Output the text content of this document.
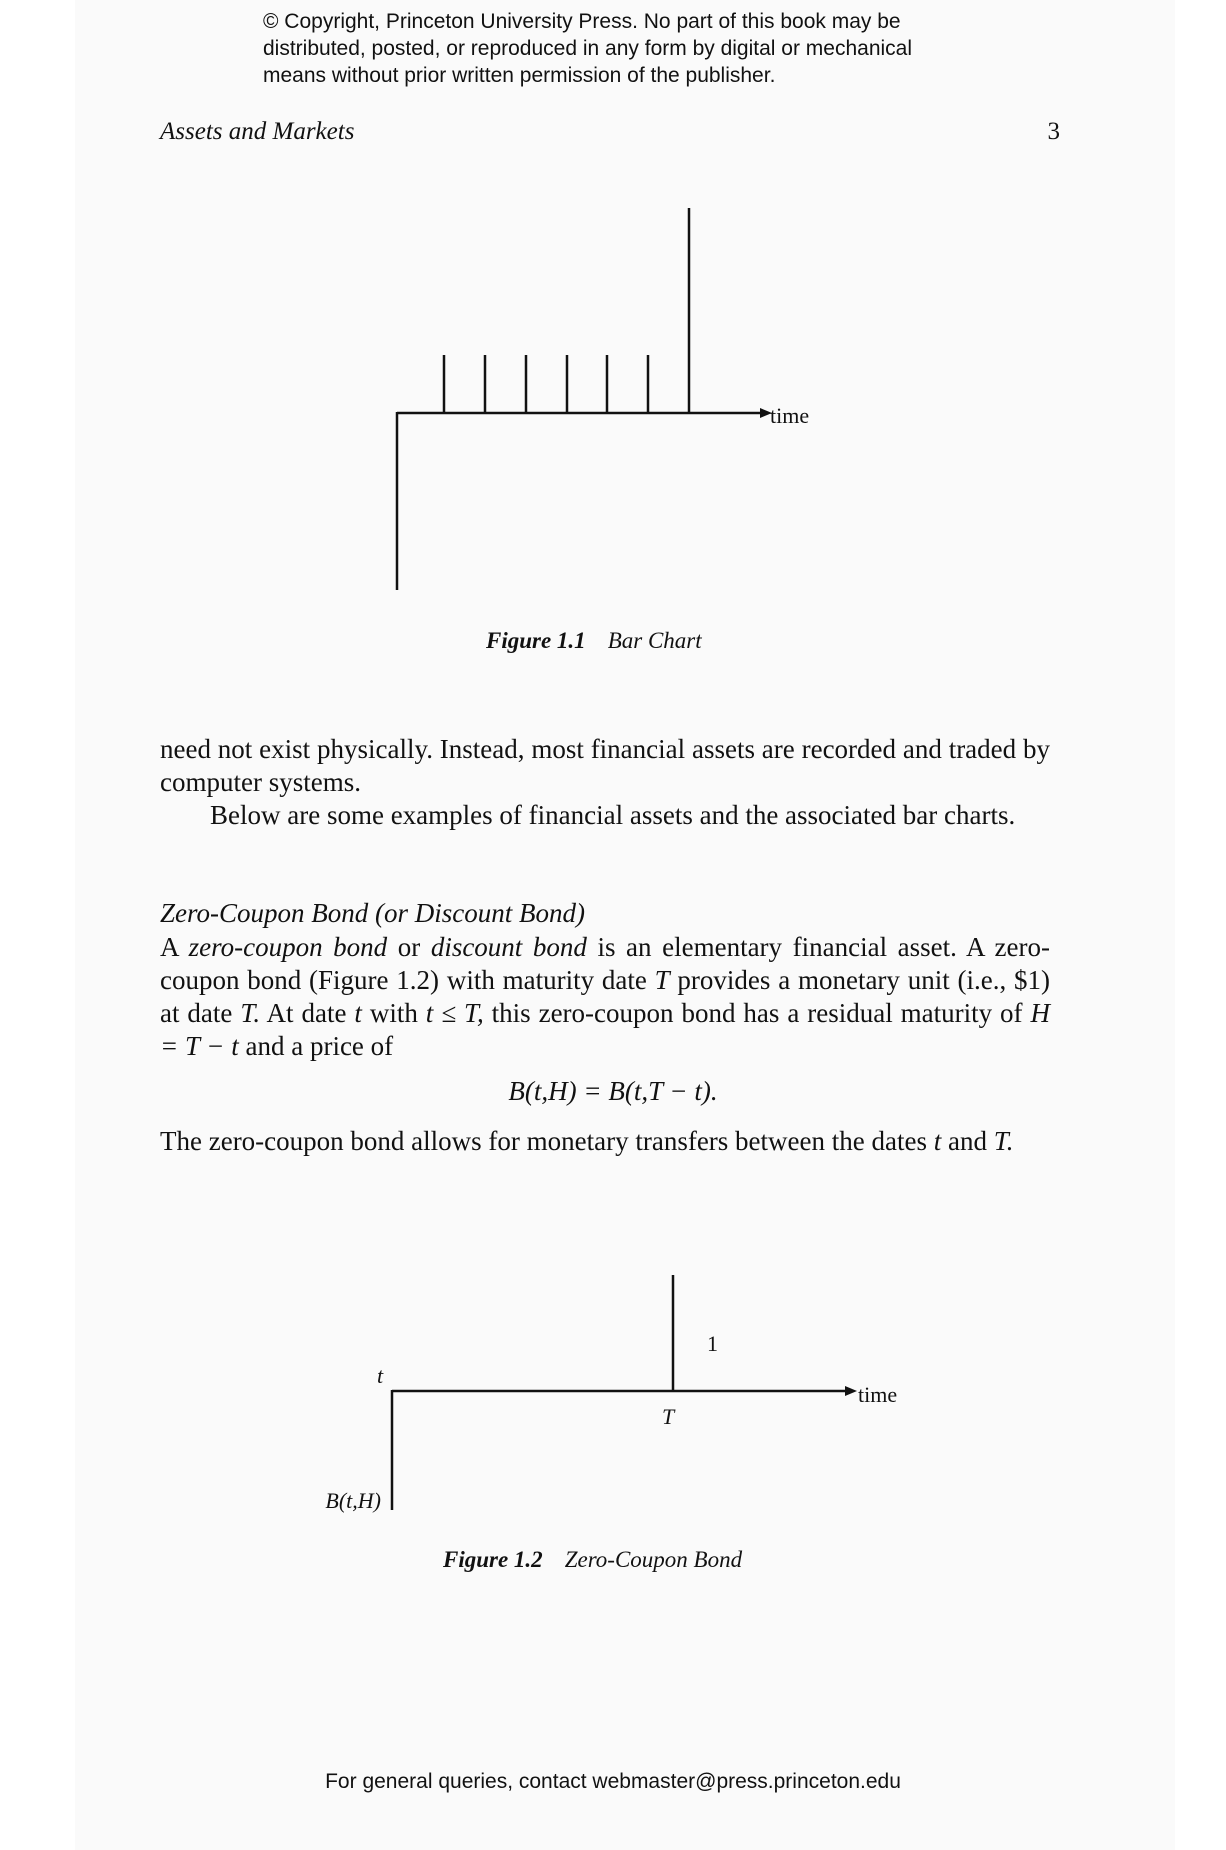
© Copyright, Princeton University Press. No part of this book may be
distributed, posted, or reproduced in any form by digital or mechanical
means without prior written permission of the publisher.
Assets and Markets	3
time
Figure 1.1 Bar Chart

need not exist physically. Instead, most financial assets are recorded and traded by computer systems.

Below are some examples of financial assets and the associated bar charts.

Zero-Coupon Bond (or Discount Bond)

A zero-coupon bond or discount bond is an elementary financial asset. A zero-coupon bond (Figure 1.2) with maturity date T provides a monetary unit (i.e., $1) at date T. At date t with t ≤ T, this zero-coupon bond has a residual maturity of H = T − t and a price of

B(t,H) = B(t,T − t).

The zero-coupon bond allows for monetary transfers between the dates t and T.

t
1
T
time
B(t,H)
Figure 1.2 Zero-Coupon Bond
For general queries, contact webmaster@press.princeton.edu
